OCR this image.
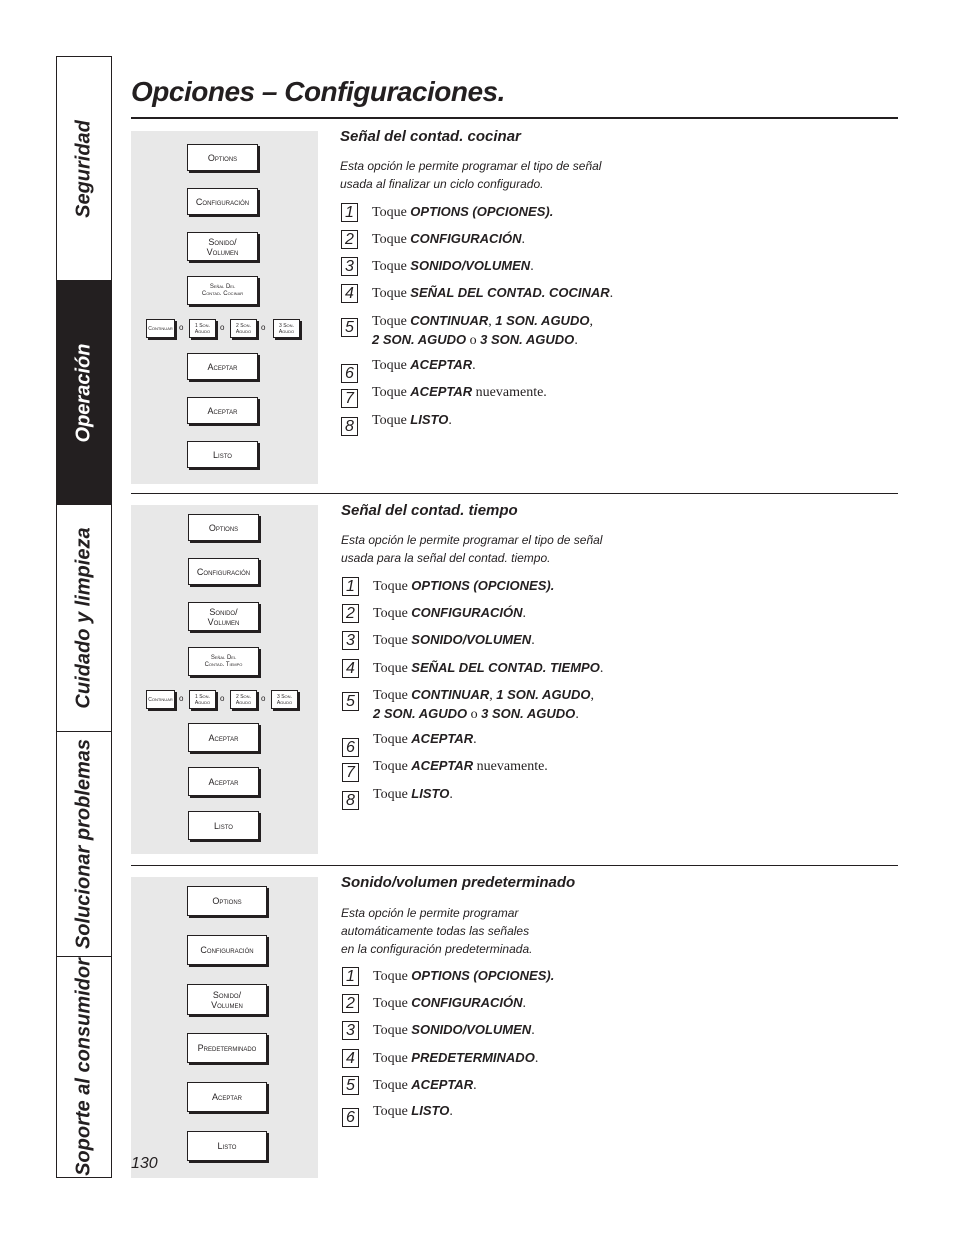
Seguridad
Operación
Cuidado y limpieza
Solucionar problemas
Soporte al consumidor
Opciones – Configuraciones.
Options
Configuración
Sonido/
Volumen
Señal Del
Contad. Cocinar
Continuar o	1 Son. Agudo	o	2 Son. Agudo	o	3 Son. Agudo
Aceptar
Aceptar
Listo
Señal del contad. cocinar
Esta opción le permite programar el tipo de señal
usada al finalizar un ciclo configurado.
1 Toque OPTIONS (OPCIONES).
2 Toque CONFIGURACIÓN.
3 Toque SONIDO/VOLUMEN.
4 Toque SEÑAL DEL CONTAD. COCINAR.
5 Toque CONTINUAR, 1 SON. AGUDO,
2 SON. AGUDO o 3 SON. AGUDO.
6 Toque ACEPTAR.
7 Toque ACEPTAR nuevamente.
8 Toque LISTO.
Options
Configuración
Sonido/
Volumen
Señal Del
Contad. Tiempo
Continuar o	1 Son. Agudo	o	2 Son. Agudo	o	3 Son. Agudo
Aceptar
Aceptar
Listo
Señal del contad. tiempo
Esta opción le permite programar el tipo de señal
usada para la señal del contad. tiempo.
1 Toque OPTIONS (OPCIONES).
2 Toque CONFIGURACIÓN.
3 Toque SONIDO/VOLUMEN.
4 Toque SEÑAL DEL CONTAD. TIEMPO.
5 Toque CONTINUAR, 1 SON. AGUDO,
2 SON. AGUDO o 3 SON. AGUDO.
6 Toque ACEPTAR.
7 Toque ACEPTAR nuevamente.
8 Toque LISTO.
Options
Configuración
Sonido/
Volumen
Predeterminado
Aceptar
Listo
Sonido/volumen predeterminado
Esta opción le permite programar
automáticamente todas las señales
en la configuración predeterminada.
1 Toque OPTIONS (OPCIONES).
2 Toque CONFIGURACIÓN.
3 Toque SONIDO/VOLUMEN.
4 Toque PREDETERMINADO.
5 Toque ACEPTAR.
6 Toque LISTO.
130
